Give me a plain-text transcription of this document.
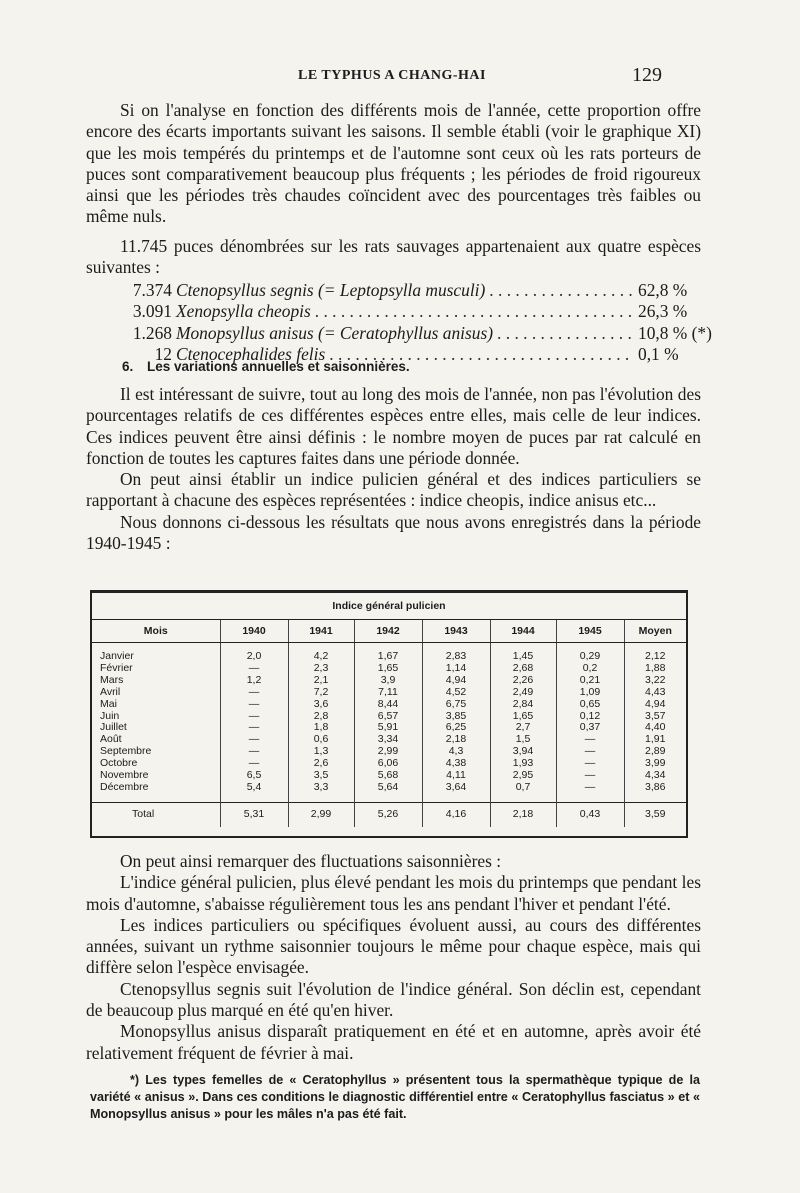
LE TYPHUS A CHANG-HAI	129

Si on l'analyse en fonction des différents mois de l'année, cette proportion offre encore des écarts importants suivant les saisons. Il semble établi (voir le graphique XI) que les mois tempérés du printemps et de l'automne sont ceux où les rats porteurs de puces sont comparativement beaucoup plus fréquents ; les périodes de froid rigoureux ainsi que les périodes très chaudes coïncident avec des pourcentages très faibles ou même nuls.

11.745 puces dénombrées sur les rats sauvages appartenaient aux quatre espèces suivantes :

7.374 Ctenopsyllus segnis (= Leptopsylla musculi) . . .	62,8 %
3.091 Xenopsylla cheopis . . .	26,3 %
1.268 Monopsyllus anisus (= Ceratophyllus anisus) . . .	10,8 % (*)
12 Ctenocephalides felis . . .	0,1 %
6. Les variations annuelles et saisonnières.

Il est intéressant de suivre, tout au long des mois de l'année, non pas l'évolution des pourcentages relatifs de ces différentes espèces entre elles, mais celle de leur indices. Ces indices peuvent être ainsi définis : le nombre moyen de puces par rat calculé en fonction de toutes les captures faites dans une période donnée.

On peut ainsi établir un indice pulicien général et des indices particuliers se rapportant à chacune des espèces représentées : indice cheopis, indice anisus etc...

Nous donnons ci-dessous les résultats que nous avons enregistrés dans la période 1940-1945 :

Indice général pulicien
Mois	1940	1941	1942	1943	1944	1945	Moyen
Janvier	2,0	4,2	1,67	2,83	1,45	0,29	2,12
Février	—	2,3	1,65	1,14	2,68	0,2	1,88
Mars	1,2	2,1	3,9	4,94	2,26	0,21	3,22
Avril	—	7,2	7,11	4,52	2,49	1,09	4,43
Mai	—	3,6	8,44	6,75	2,84	0,65	4,94
Juin	—	2,8	6,57	3,85	1,65	0,12	3,57
Juillet	—	1,8	5,91	6,25	2,7	0,37	4,40
Août	—	0,6	3,34	2,18	1,5	—	1,91
Septembre	—	1,3	2,99	4,3	3,94	—	2,89
Octobre	—	2,6	6,06	4,38	1,93	—	3,99
Novembre	6,5	3,5	5,68	4,11	2,95	—	4,34
Décembre	5,4	3,3	5,64	3,64	0,7	—	3,86
Total	5,31	2,99	5,26	4,16	2,18	0,43	3,59

On peut ainsi remarquer des fluctuations saisonnières :

L'indice général pulicien, plus élevé pendant les mois du printemps que pendant les mois d'automne, s'abaisse régulièrement tous les ans pendant l'hiver et pendant l'été.

Les indices particuliers ou spécifiques évoluent aussi, au cours des différentes années, suivant un rythme saisonnier toujours le même pour chaque espèce, mais qui diffère selon l'espèce envisagée.

Ctenopsyllus segnis suit l'évolution de l'indice général. Son déclin est, cependant de beaucoup plus marqué en été qu'en hiver.

Monopsyllus anisus disparaît pratiquement en été et en automne, après avoir été relativement fréquent de février à mai.

*) Les types femelles de « Ceratophyllus » présentent tous la spermathèque typique de la variété « anisus ». Dans ces conditions le diagnostic différentiel entre « Ceratophyllus fasciatus » et « Monopsyllus anisus » pour les mâles n'a pas été fait.
